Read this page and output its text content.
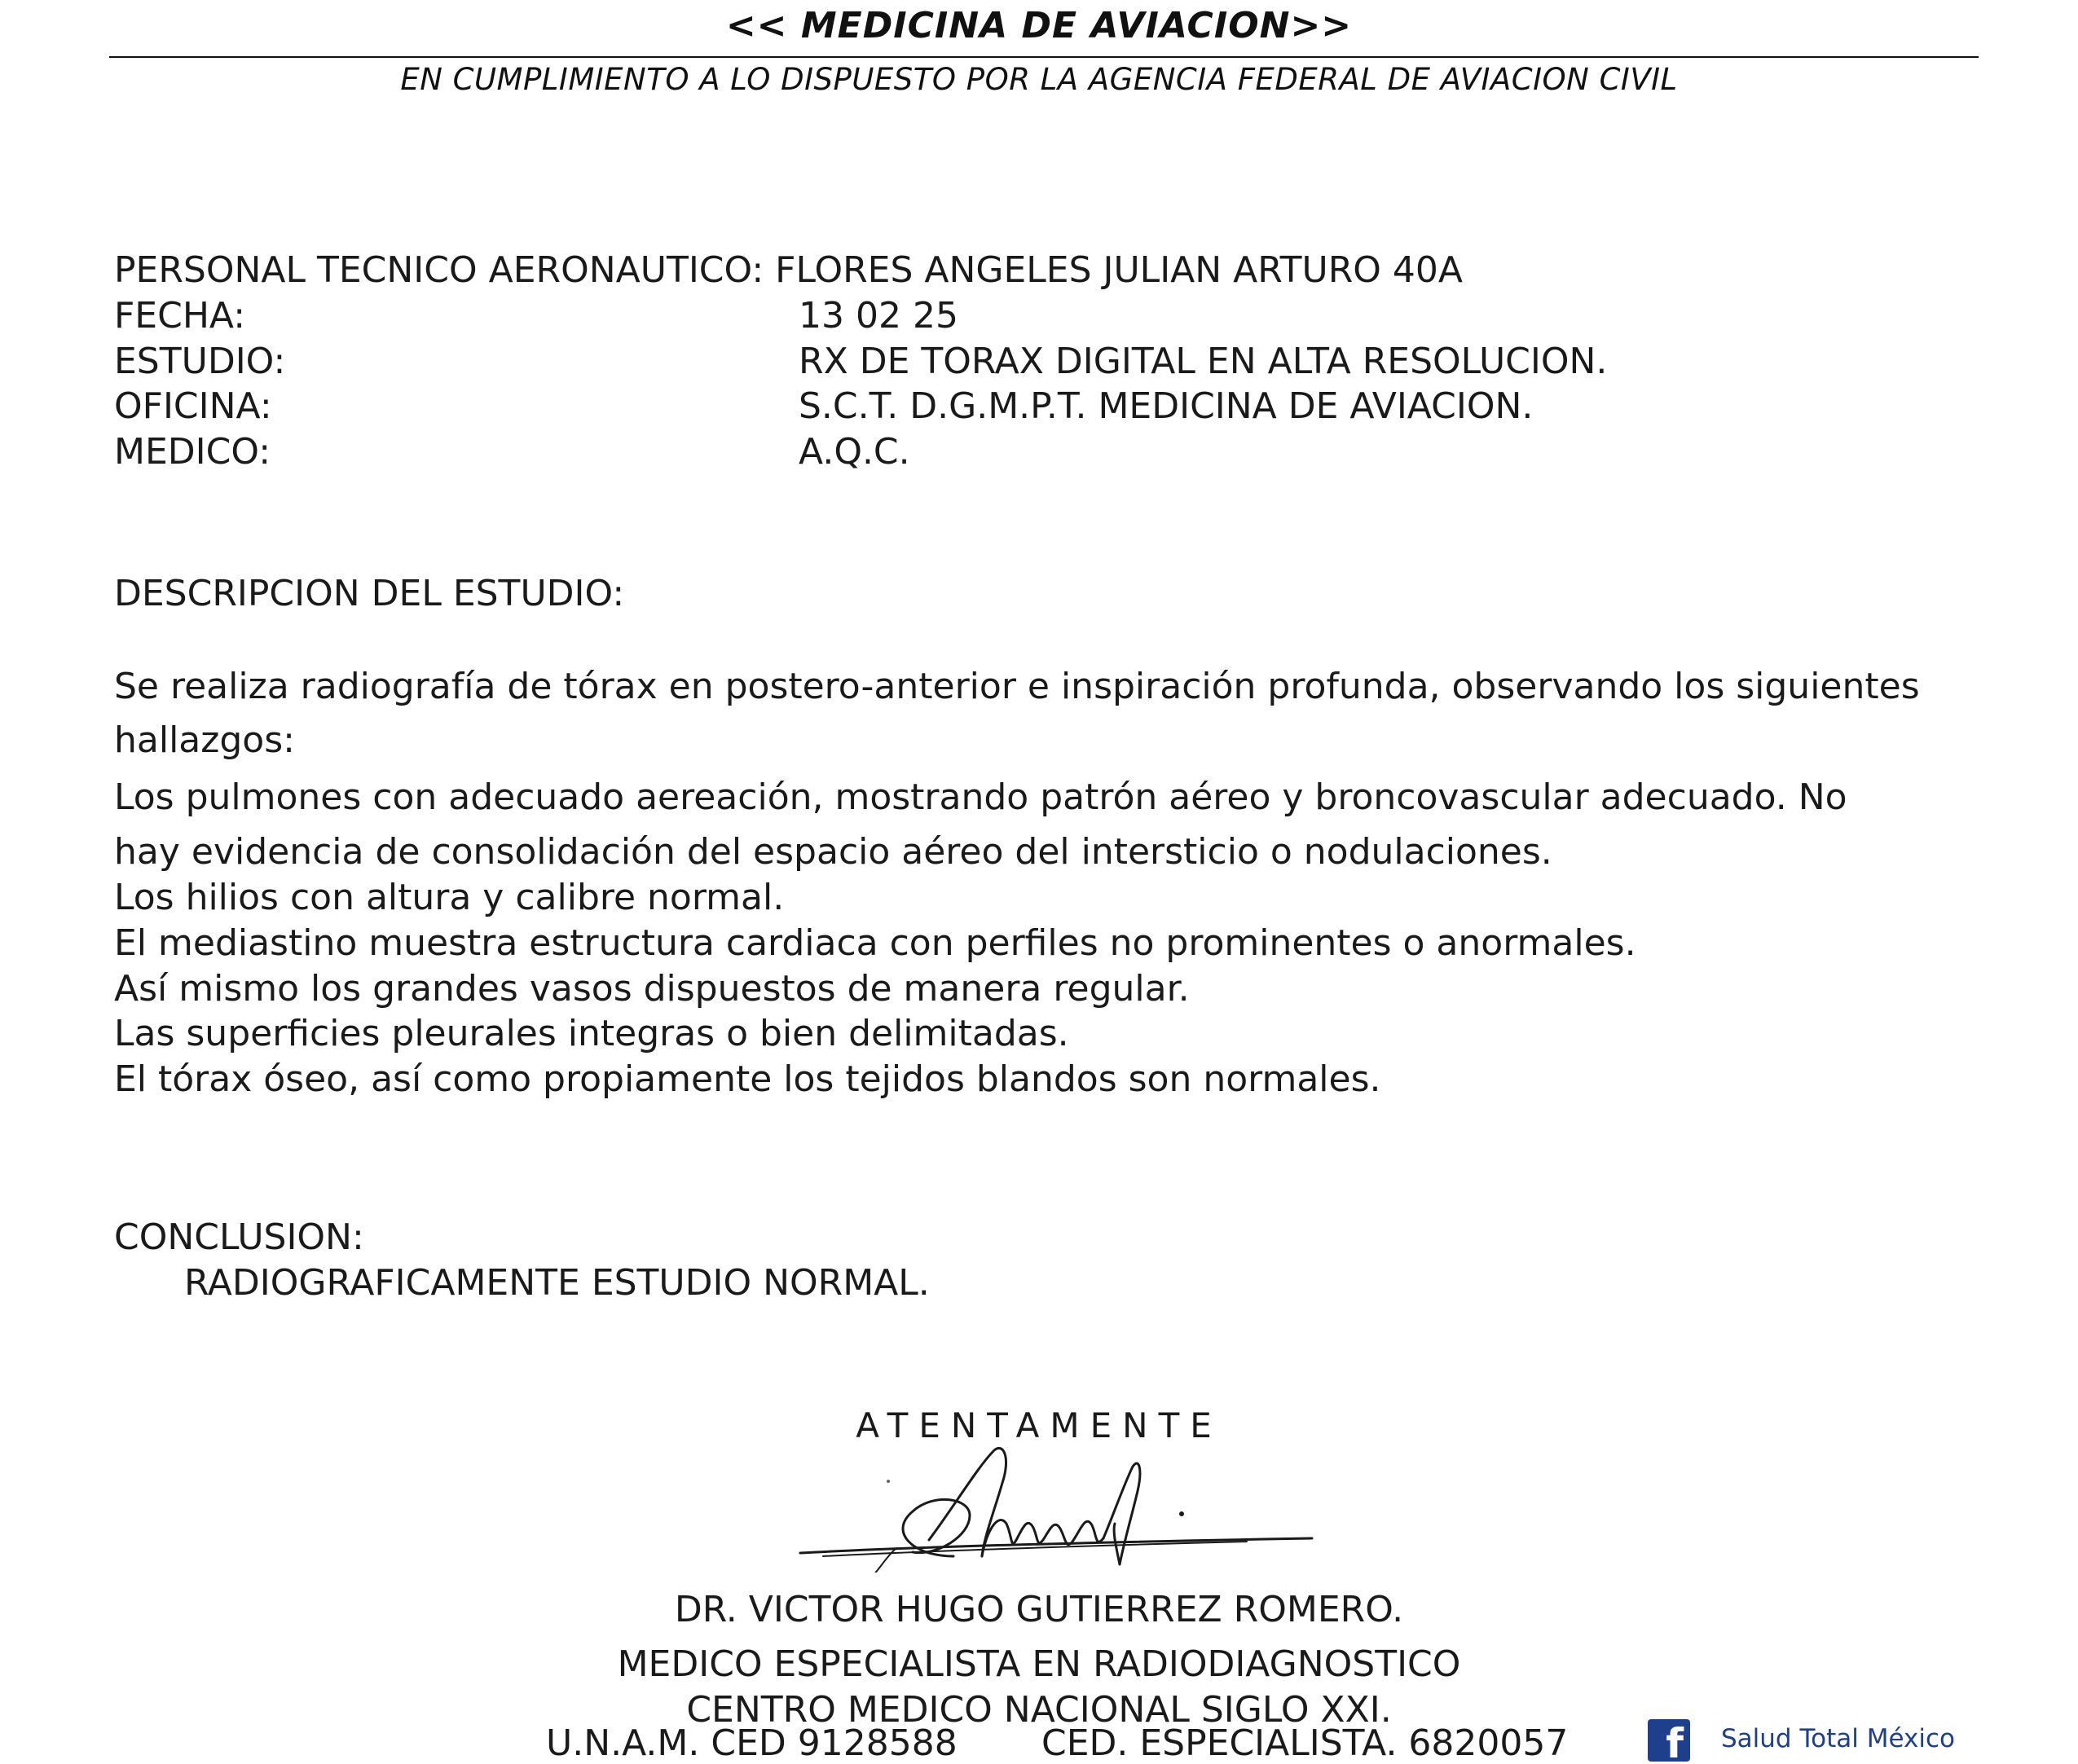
<< MEDICINA DE AVIACION>>
EN CUMPLIMIENTO A LO DISPUESTO POR LA AGENCIA FEDERAL DE AVIACION CIVIL
PERSONAL TECNICO AERONAUTICO: FLORES ANGELES JULIAN ARTURO 40A
FECHA:	13 02 25
ESTUDIO:	RX DE TORAX DIGITAL EN ALTA RESOLUCION.
OFICINA:	S.C.T. D.G.M.P.T. MEDICINA DE AVIACION.
MEDICO:	A.Q.C.
DESCRIPCION DEL ESTUDIO:
Se realiza radiografía de tórax en postero-anterior e inspiración profunda, observando los siguientes
hallazgos:
Los pulmones con adecuado aereación, mostrando patrón aéreo y broncovascular adecuado. No
hay evidencia de consolidación del espacio aéreo del intersticio o nodulaciones.
Los hilios con altura y calibre normal.
El mediastino muestra estructura cardiaca con perfiles no prominentes o anormales.
Así mismo los grandes vasos dispuestos de manera regular.
Las superficies pleurales integras o bien delimitadas.
El tórax óseo, así como propiamente los tejidos blandos son normales.
CONCLUSION:
RADIOGRAFICAMENTE ESTUDIO NORMAL.
ATENTAMENTE
DR. VICTOR HUGO GUTIERREZ ROMERO.
MEDICO ESPECIALISTA EN RADIODIAGNOSTICO
CENTRO MEDICO NACIONAL SIGLO XXI.
U.N.A.M. CED 9128588 CED. ESPECIALISTA. 6820057	f Salud Total México
